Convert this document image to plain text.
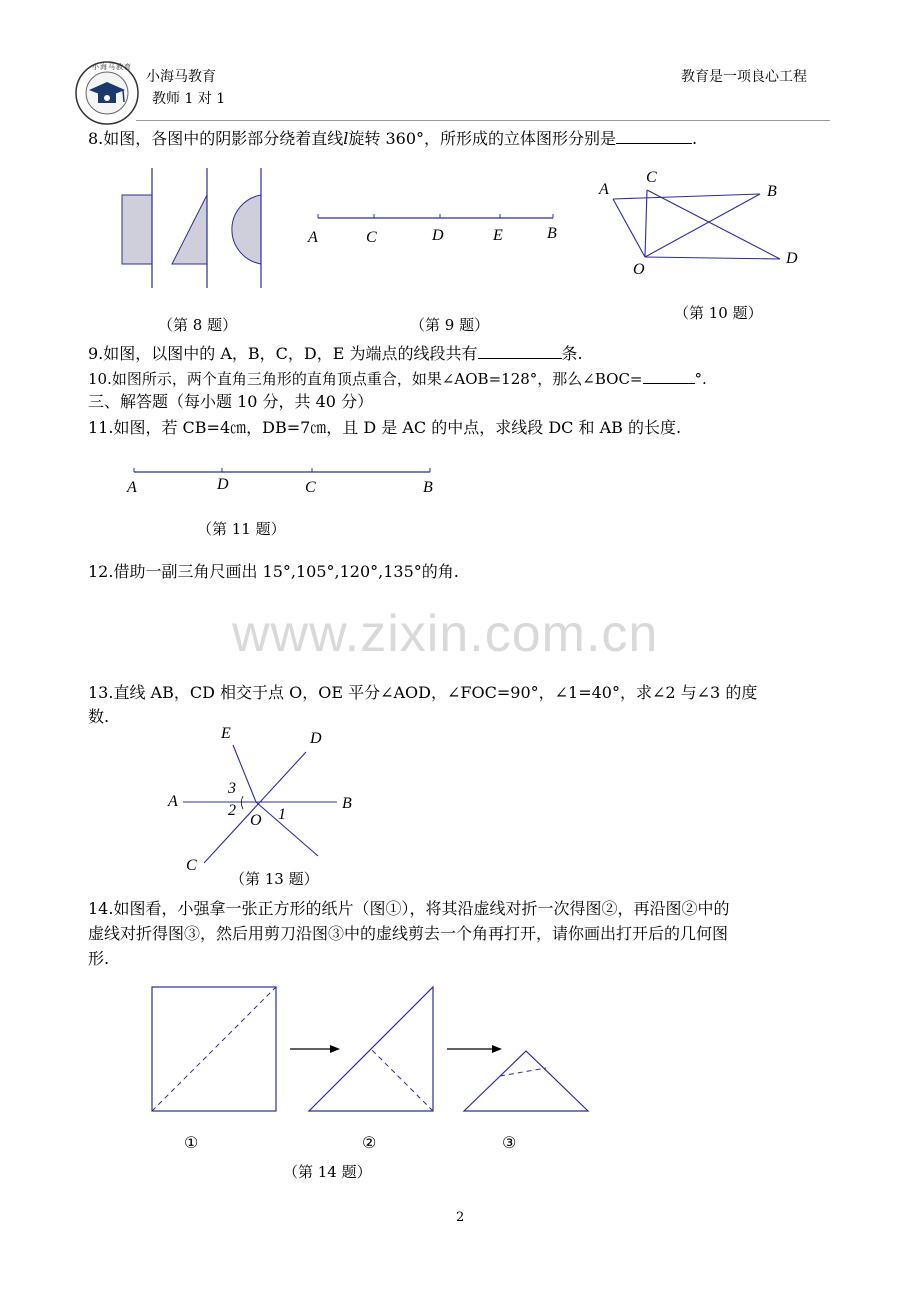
小海马教育
小海马教育
教师 1 对 1
教育是一项良心工程
8.如图，各图中的阴影部分绕着直线l旋转 360°，所形成的立体图形分别是	.
（第 8 题）
A	C	D	E	B
（第 9 题）
A
C
B
O
D
（第 10 题）
9.如图，以图中的 A，B，C，D，E 为端点的线段共有	条.
10.如图所示，两个直角三角形的直角顶点重合，如果∠AOB=128°，那么∠BOC=	°.
三、解答题（每小题 10 分，共 40 分）
11.如图，若 CB=4㎝，DB=7㎝，且 D 是 AC 的中点，求线段 DC 和 AB 的长度.
A	D	C	B
（第 11 题）
12.借助一副三角尺画出 15°,105°,120°,135°的角.
www.zixin.com.cn
13.直线 AB，CD 相交于点 O，OE 平分∠AOD，∠FOC=90°，∠1=40°，求∠2 与∠3 的度
数.
E	D
A	B
C
O 1
2
3
（第 13 题）
14.如图看，小强拿一张正方形的纸片（图①），将其沿虚线对折一次得图②，再沿图②中的
虚线对折得图③，然后用剪刀沿图③中的虚线剪去一个角再打开，请你画出打开后的几何图
形.
①	②	③
（第 14 题）
2
